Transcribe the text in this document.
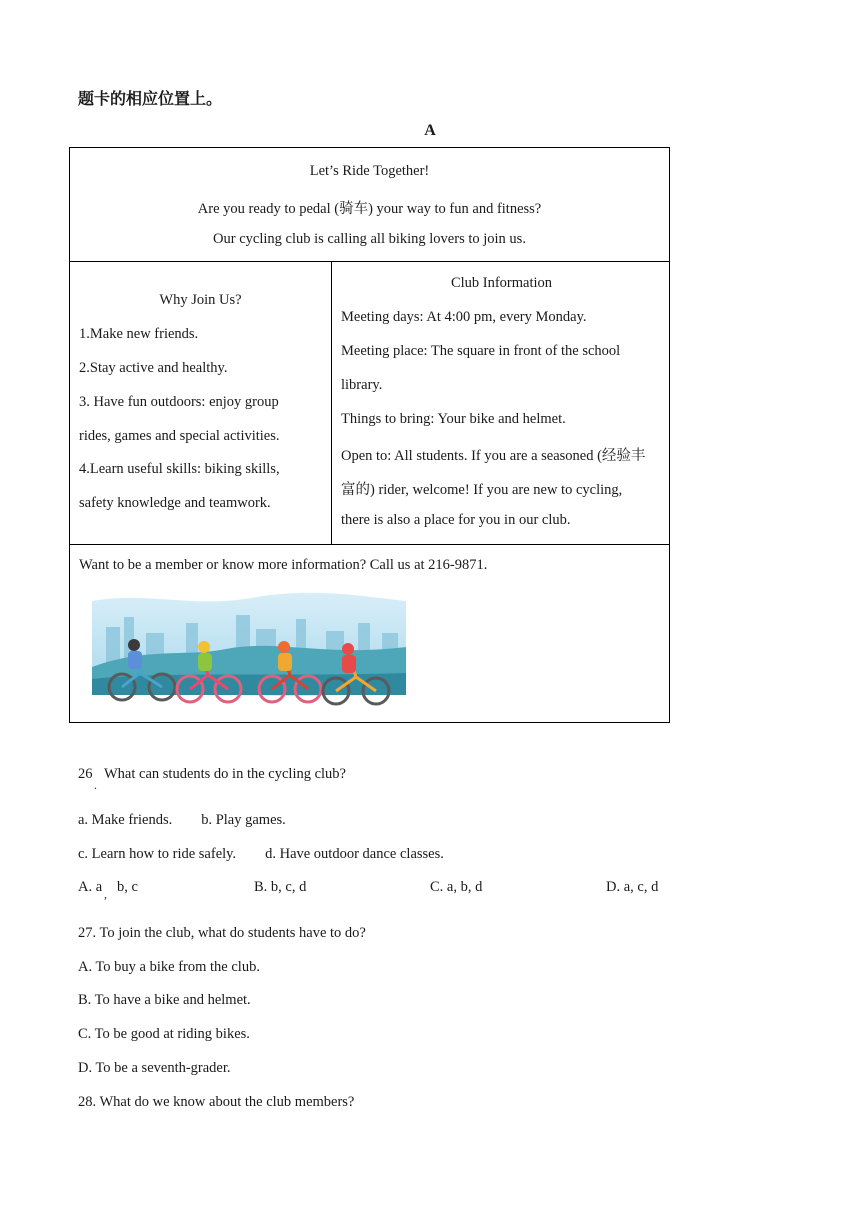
题卡的相应位置上。
A
Let’s Ride Together!
Are you ready to pedal (骑车) your way to fun and fitness?
Our cycling club is calling all biking lovers to join us.
Why Join Us?
1.Make new friends.
2.Stay active and healthy.
3. Have fun outdoors: enjoy group
rides, games and special activities.
4.Learn useful skills: biking skills,
safety knowledge and teamwork.
Club Information
Meeting days: At 4:00 pm, every Monday.
Meeting place: The square in front of the school
library.
Things to bring: Your bike and helmet.
Open to: All students. If you are a seasoned (经验丰
富的) rider, welcome! If you are new to cycling,
there is also a place for you in our club.
Want to be a member or know more information? Call us at 216-9871.
26 What can students do in the cycling club?
.
a. Make friends.        b. Play games.
c. Learn how to ride safely.        d. Have outdoor dance classes.
A. a , b, c	B. b, c, d	C. a, b, d	D. a, c, d
27. To join the club, what do students have to do?
A. To buy a bike from the club.
B. To have a bike and helmet.
C. To be good at riding bikes.
D. To be a seventh-grader.
28. What do we know about the club members?
